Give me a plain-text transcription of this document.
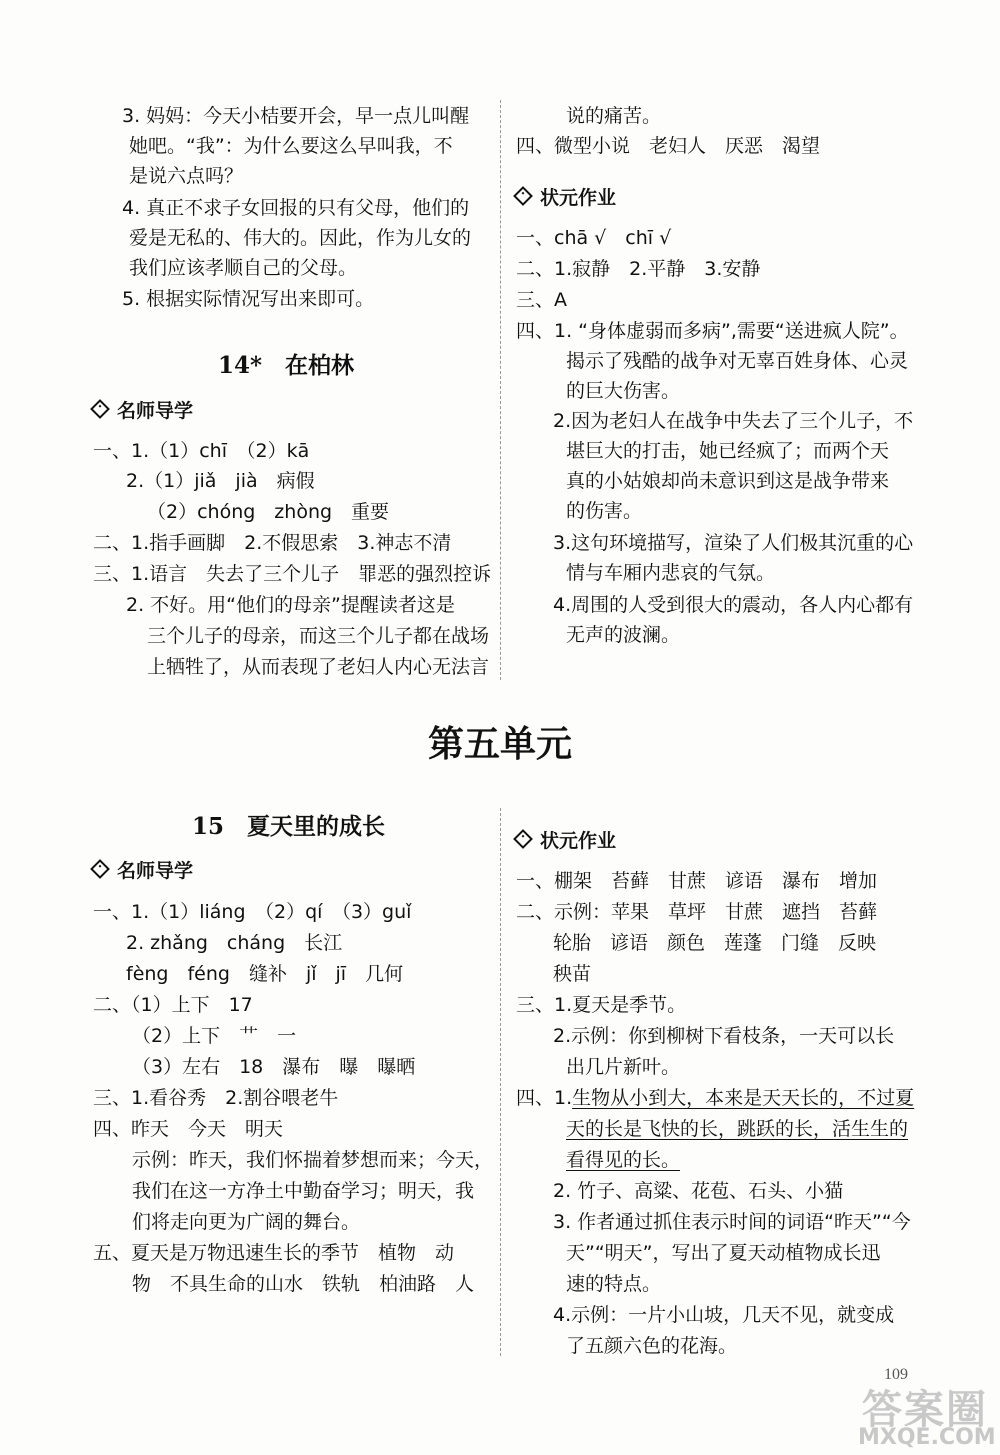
3. 妈妈：今天小桔要开会，早一点儿叫醒
她吧。“我”：为什么要这么早叫我，不
是说六点吗？
4. 真正不求子女回报的只有父母，他们的
爱是无私的、伟大的。因此，作为儿女的
我们应该孝顺自己的父母。
5. 根据实际情况写出来即可。
14*　在柏林
名师导学
一、1.（1）chī　（2）kā
2.（1）jiǎ　jià　病假
（2）chóng　zhòng　重要
二、1.指手画脚　2.不假思索　3.神志不清
三、1.语言　失去了三个儿子　罪恶的强烈控诉
2. 不好。用“他们的母亲”提醒读者这是
三个儿子的母亲，而这三个儿子都在战场
上牺牲了，从而表现了老妇人内心无法言
说的痛苦。
四、微型小说　老妇人　厌恶　渴望
状元作业
一、chā √　chī √
二、1.寂静　2.平静　3.安静
三、A
四、1. “身体虚弱而多病”,需要“送进疯人院”。
揭示了残酷的战争对无辜百姓身体、心灵
的巨大伤害。
2.因为老妇人在战争中失去了三个儿子，不
堪巨大的打击，她已经疯了；而两个天
真的小姑娘却尚未意识到这是战争带来
的伤害。
3.这句环境描写，渲染了人们极其沉重的心
情与车厢内悲哀的气氛。
4.周围的人受到很大的震动，各人内心都有
无声的波澜。
第五单元
15　夏天里的成长
名师导学
一、1.（1）liáng　（2）qí　（3）guǐ
2. zhǎng　cháng　长江
fèng　féng　缝补　jǐ　jī　几何
二、（1）上下　17
（2）上下　艹　一
（3）左右　18　瀑布　曝　曝晒
三、1.看谷秀　2.割谷喂老牛
四、昨天　今天　明天
示例：昨天，我们怀揣着梦想而来；今天，
我们在这一方净土中勤奋学习；明天，我
们将走向更为广阔的舞台。
五、夏天是万物迅速生长的季节　植物　动
物　不具生命的山水　铁轨　柏油路　人
状元作业
一、棚架　苔藓　甘蔗　谚语　瀑布　增加
二、示例：苹果　草坪　甘蔗　遮挡　苔藓
轮胎　谚语　颜色　莲蓬　门缝　反映
秧苗
三、1.夏天是季节。
2.示例：你到柳树下看枝条，一天可以长
出几片新叶。
四、1.生物从小到大，本来是天天长的，不过夏
天的长是飞快的长，跳跃的长，活生生的
看得见的长。
2. 竹子、高粱、花苞、石头、小猫
3. 作者通过抓住表示时间的词语“昨天”“今
天”“明天”，写出了夏天动植物成长迅
速的特点。
4.示例：一片小山坡，几天不见，就变成
了五颜六色的花海。
109
答案圈
MXQE.COM
